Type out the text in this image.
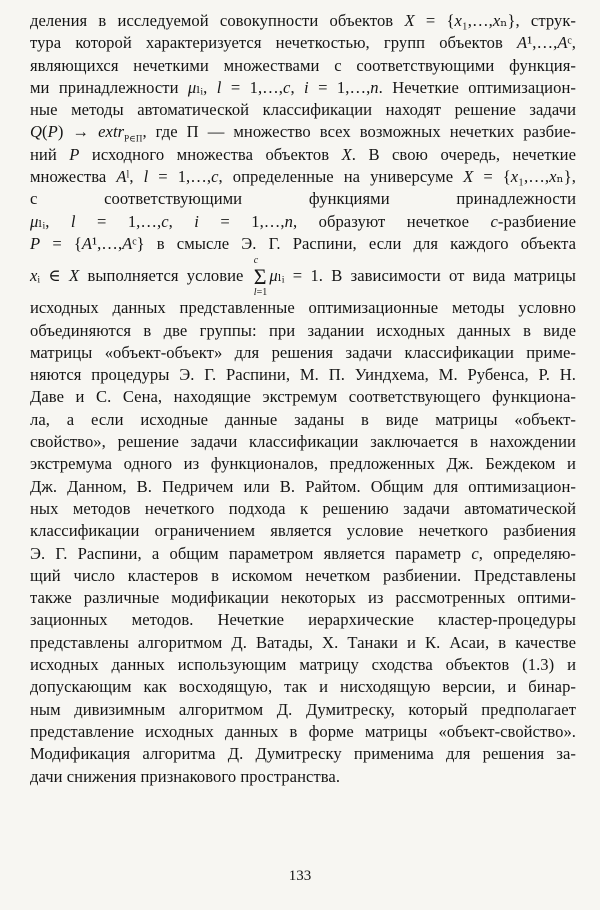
деления в исследуемой совокупности объектов X = {x₁,…,xₙ}, струк-
тура которой характеризуется нечеткостью, групп объектов A¹,…,Aᶜ,
являющихся нечеткими множествами с соответствующими функция-
ми принадлежности μₗᵢ, l = 1,…,c, i = 1,…,n. Нечеткие оптимизацион-
ные методы автоматической классификации находят решение задачи
Q(P) → extr$_{P\in\Pi}$, где Π — множество всех возможных нечетких разбие-
ний P исходного множества объектов X. В свою очередь, нечеткие
множества Aˡ, l = 1,…,c, определенные на универсуме X = {x₁,…,xₙ},
с соответствующими функциями принадлежности
μₗᵢ, l = 1,…,c, i = 1,…,n, образуют нечеткое c-разбиение
P = {A¹,…,Aᶜ} в смысле Э. Г. Распини, если для каждого объекта
xᵢ ∈ X выполняется условие c
Σ
l=1μₗᵢ = 1. В зависимости от вида матрицы
исходных данных представленные оптимизационные методы условно
объединяются в две группы: при задании исходных данных в виде
матрицы «объект-объект» для решения задачи классификации приме-
няются процедуры Э. Г. Распини, М. П. Уиндхема, М. Рубенса, Р. Н.
Даве и С. Сена, находящие экстремум соответствующего функциона-
ла, а если исходные данные заданы в виде матрицы «объект-
свойство», решение задачи классификации заключается в нахождении
экстремума одного из функционалов, предложенных Дж. Беждеком и
Дж. Данном, В. Педричем или В. Райтом. Общим для оптимизацион-
ных методов нечеткого подхода к решению задачи автоматической
классификации ограничением является условие нечеткого разбиения
Э. Г. Распини, а общим параметром является параметр c, определяю-
щий число кластеров в искомом нечетком разбиении. Представлены
также различные модификации некоторых из рассмотренных оптими-
зационных методов. Нечеткие иерархические кластер-процедуры
представлены алгоритмом Д. Ватады, Х. Танаки и К. Асаи, в качестве
исходных данных использующим матрицу сходства объектов (1.3) и
допускающим как восходящую, так и нисходящую версии, и бинар-
ным дивизимным алгоритмом Д. Думитреску, который предполагает
представление исходных данных в форме матрицы «объект-свойство».
Модификация алгоритма Д. Думитреску применима для решения за-
дачи снижения признакового пространства.
133
